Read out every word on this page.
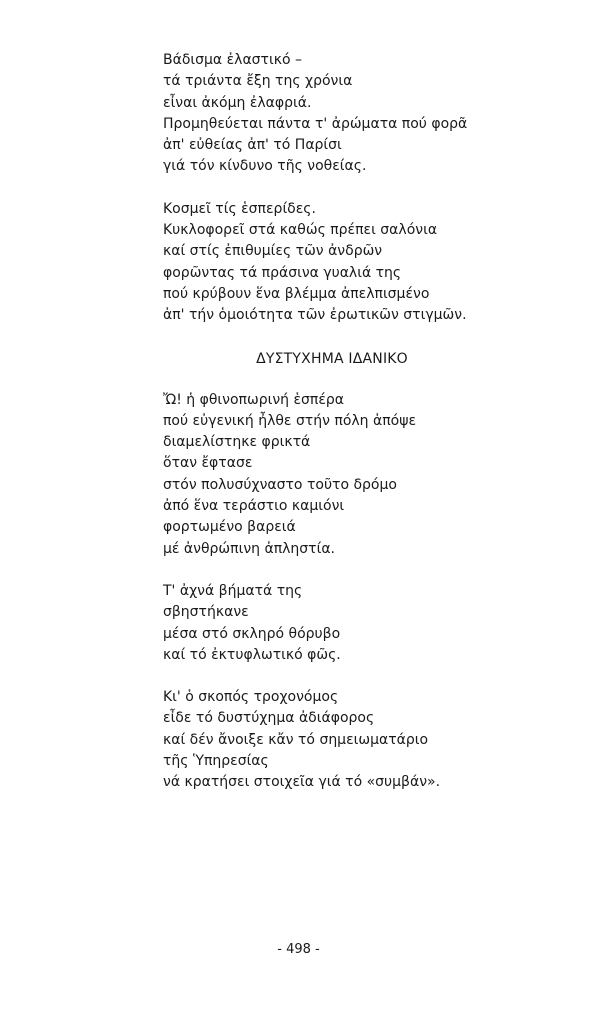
Βάδισμα ἐλαστικό –
τά τριάντα ἔξη της χρόνια
εἶναι ἀκόμη ἐλαφριά.
Προμηθεύεται πάντα τ' ἀρώματα πού φορᾶ
ἀπ' εὐθείας ἀπ' τό Παρίσι
γιά τόν κίνδυνο τῆς νοθείας.
Κοσμεῖ τίς ἑσπερίδες.
Κυκλοφορεῖ στά καθώς πρέπει σαλόνια
καί στίς ἐπιθυμίες τῶν ἀνδρῶν
φορῶντας τά πράσινα γυαλιά της
πού κρύβουν ἕνα βλέμμα ἀπελπισμένο
ἀπ' τήν ὁμοιότητα τῶν ἐρωτικῶν στιγμῶν.
ΔΥΣΤΥΧΗΜΑ ΙΔΑΝΙΚΟ
Ὤ! ἡ φθινοπωρινή ἑσπέρα
πού εὐγενική ἦλθε στήν πόλη ἀπόψε
διαμελίστηκε φρικτά
ὅταν ἔφτασε
στόν πολυσύχναστο τοῦτο δρόμο
ἀπό ἕνα τεράστιο καμιόνι
φορτωμένο βαρειά
μέ ἀνθρώπινη ἀπληστία.
Τ' ἀχνά βήματά της
σβηστήκανε
μέσα στό σκληρό θόρυβο
καί τό ἐκτυφλωτικό φῶς.
Κι' ὁ σκοπός τροχονόμος
εἶδε τό δυστύχημα ἀδιάφορος
καί δέν ἄνοιξε κἄν τό σημειωματάριο
τῆς Ὑπηρεσίας
νά κρατήσει στοιχεῖα γιά τό «συμβάν».
- 498 -
